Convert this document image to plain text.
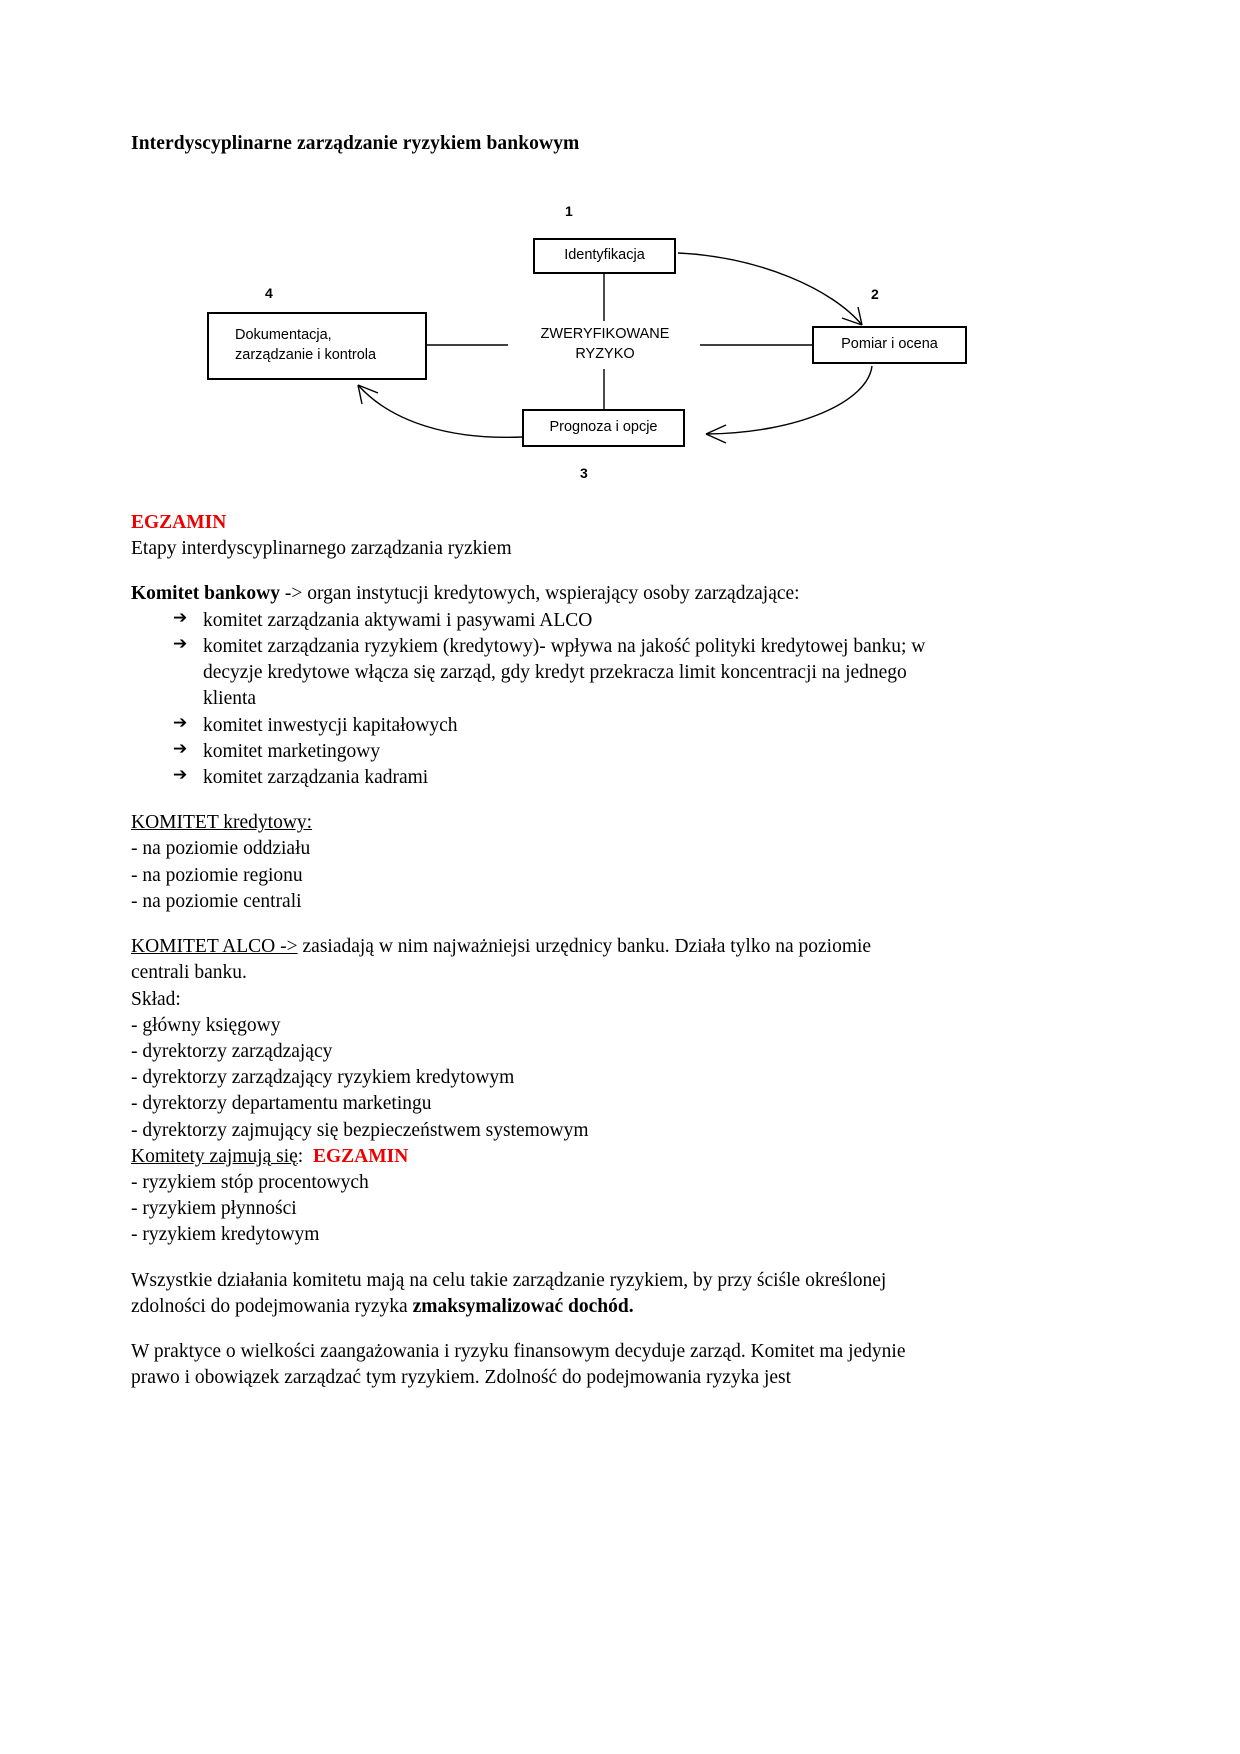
Interdyscyplinarne zarządzanie ryzykiem bankowym
1
2
3
4
Identyfikacja
Pomiar i ocena
Prognoza i opcje
Dokumentacja,
zarządzanie i kontrola
ZWERYFIKOWANE RYZYKO

EGZAMIN

Etapy interdyscyplinarnego zarządzania ryzkiem

Komitet bankowy -> organ instytucji kredytowych, wspierający osoby zarządzające:

➔ komitet zarządzania aktywami i pasywami ALCO
➔ komitet zarządzania ryzykiem (kredytowy)- wpływa na jakość polityki kredytowej banku; w decyzje kredytowe włącza się zarząd, gdy kredyt przekracza limit koncentracji na jednego klienta
➔ komitet inwestycji kapitałowych
➔ komitet marketingowy
➔ komitet zarządzania kadrami

KOMITET kredytowy:

- na poziomie oddziału

- na poziomie regionu

- na poziomie centrali

KOMITET ALCO -> zasiadają w nim najważniejsi urzędnicy banku. Działa tylko na poziomie centrali banku.

Skład:

- główny księgowy

- dyrektorzy zarządzający

- dyrektorzy zarządzający ryzykiem kredytowym

- dyrektorzy departamentu marketingu

- dyrektorzy zajmujący się bezpieczeństwem systemowym

Komitety zajmują się: EGZAMIN

- ryzykiem stóp procentowych

- ryzykiem płynności

- ryzykiem kredytowym

Wszystkie działania komitetu mają na celu takie zarządzanie ryzykiem, by przy ściśle określonej zdolności do podejmowania ryzyka zmaksymalizować dochód.

W praktyce o wielkości zaangażowania i ryzyku finansowym decyduje zarząd. Komitet ma jedynie prawo i obowiązek zarządzać tym ryzykiem. Zdolność do podejmowania ryzyka jest
